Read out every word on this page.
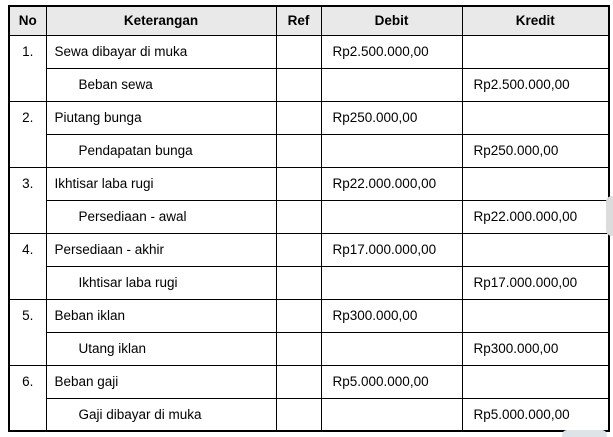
No	Keterangan	Ref	Debit	Kredit
1.	Sewa dibayar di muka		Rp2.500.000,00	
	Beban sewa			Rp2.500.000,00
2.	Piutang bunga		Rp250.000,00	
	Pendapatan bunga			Rp250.000,00
3.	Ikhtisar laba rugi		Rp22.000.000,00	
	Persediaan - awal			Rp22.000.000,00
4.	Persediaan - akhir		Rp17.000.000,00	
	Ikhtisar laba rugi			Rp17.000.000,00
5.	Beban iklan		Rp300.000,00	
	Utang iklan			Rp300.000,00
6.	Beban gaji		Rp5.000.000,00	
	Gaji dibayar di muka			Rp5.000.000,00
